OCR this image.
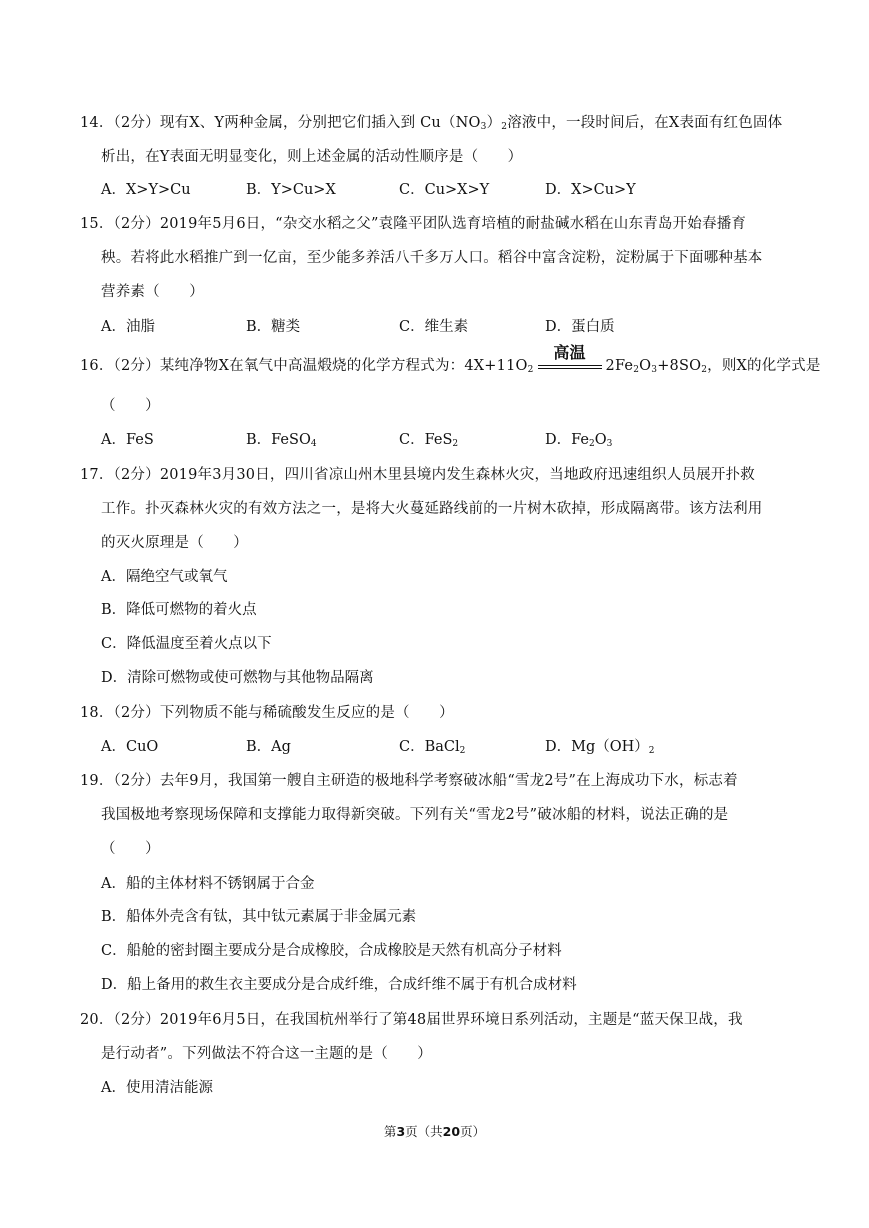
14．（2分）现有X、Y两种金属，分别把它们插入到 $Cu(NO_3)_2$溶液中，一段时间后，在X表面有红色固体
析出，在Y表面无明显变化，则上述金属的活动性顺序是（　　）
A．X>Y>Cu	B．Y>Cu>X	C．Cu>X>Y	D．X>Cu>Y
15．（2分）2019年5月6日，“杂交水稻之父”袁隆平团队选育培植的耐盐碱水稻在山东青岛开始春播育
秧。若将此水稻推广到一亿亩，至少能多养活八千多万人口。稻谷中富含淀粉，淀粉属于下面哪种基本
营养素（　　）
A．油脂	B．糖类	C．维生素	D．蛋白质
16．（2分）某纯净物X在氧气中高温煅烧的化学方程式为：$4X+11O_2$
高温
$2Fe_2O_3+8SO_2$，则X的化学式是
（　　）
A．FeS	B．FeSO$_4$	C．FeS$_2$	D．$Fe_2O_3$
17．（2分）2019年3月30日，四川省凉山州木里县境内发生森林火灾，当地政府迅速组织人员展开扑救
工作。扑灭森林火灾的有效方法之一，是将大火蔓延路线前的一片树木砍掉，形成隔离带。该方法利用
的灭火原理是（　　）
A．隔绝空气或氧气
B．降低可燃物的着火点
C．降低温度至着火点以下
D．清除可燃物或使可燃物与其他物品隔离
18．（2分）下列物质不能与稀硫酸发生反应的是（　　）
A．CuO	B．Ag	C．BaCl$_2$	D．$Mg(OH)_2$
19．（2分）去年9月，我国第一艘自主研造的极地科学考察破冰船“雪龙2号”在上海成功下水，标志着
我国极地考察现场保障和支撑能力取得新突破。下列有关“雪龙2号”破冰船的材料，说法正确的是
（　　）
A．船的主体材料不锈钢属于合金
B．船体外壳含有钛，其中钛元素属于非金属元素
C．船舱的密封圈主要成分是合成橡胶，合成橡胶是天然有机高分子材料
D．船上备用的救生衣主要成分是合成纤维，合成纤维不属于有机合成材料
20．（2分）2019年6月5日，在我国杭州举行了第48届世界环境日系列活动，主题是“蓝天保卫战，我
是行动者”。下列做法不符合这一主题的是（　　）
A．使用清洁能源
第3页（共20页）
